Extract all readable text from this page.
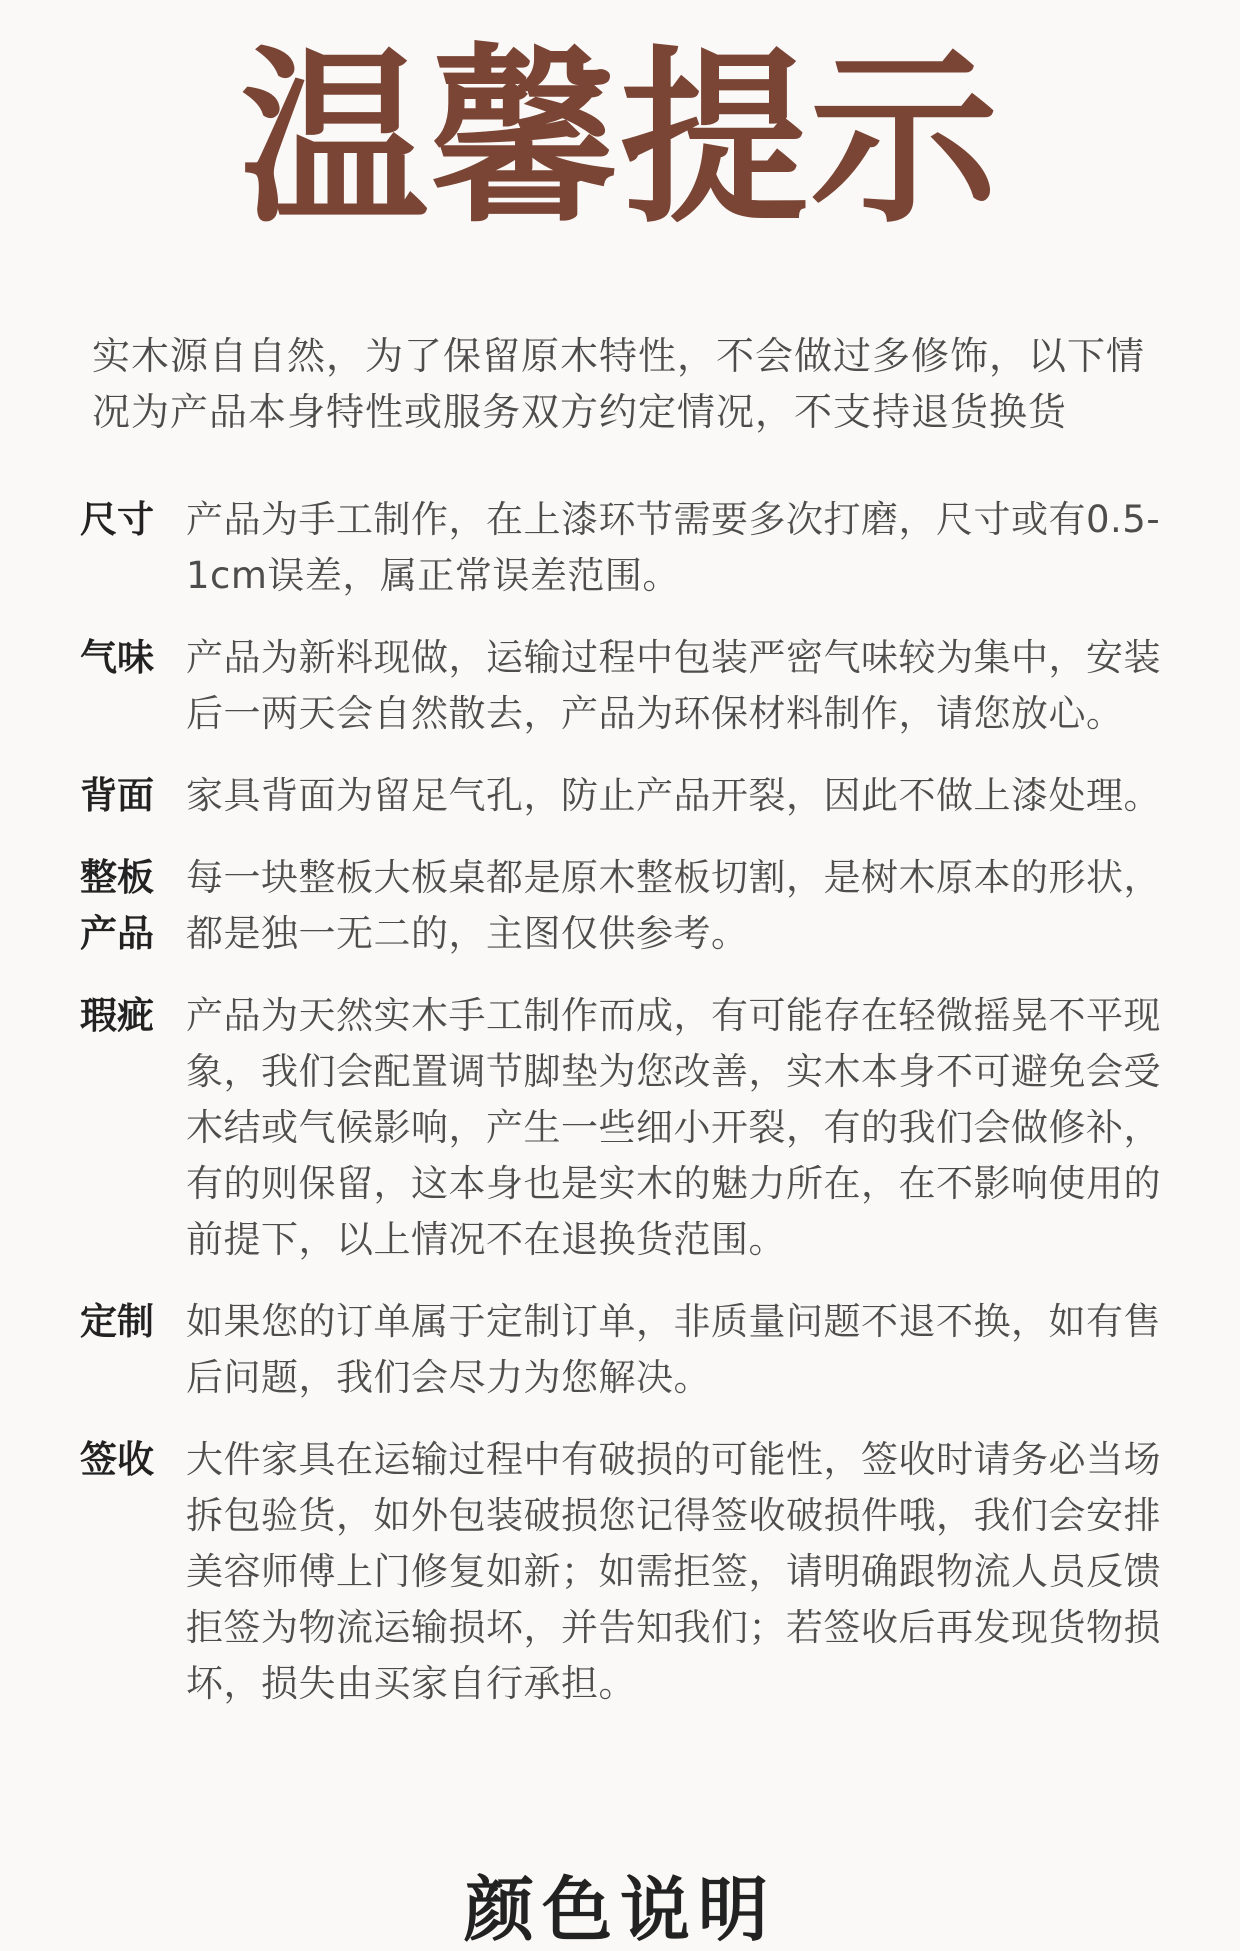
温馨提示
实木源自自然，为了保留原木特性，不会做过多修饰，以下情况为产品本身特性或服务双方约定情况，不支持退货换货
尺寸 产品为手工制作，在上漆环节需要多次打磨，尺寸或有0.5-1cm误差，属正常误差范围。
气味 产品为新料现做，运输过程中包装严密气味较为集中，安装后一两天会自然散去，产品为环保材料制作，请您放心。
背面 家具背面为留足气孔，防止产品开裂，因此不做上漆处理。
整板
产品
每一块整板大板桌都是原木整板切割，是树木原本的形状，都是独一无二的，主图仅供参考。
瑕疵 产品为天然实木手工制作而成，有可能存在轻微摇晃不平现象，我们会配置调节脚垫为您改善，实木本身不可避免会受木结或气候影响，产生一些细小开裂，有的我们会做修补，有的则保留，这本身也是实木的魅力所在，在不影响使用的前提下，以上情况不在退换货范围。
定制 如果您的订单属于定制订单，非质量问题不退不换，如有售后问题，我们会尽力为您解决。
签收 大件家具在运输过程中有破损的可能性，签收时请务必当场拆包验货，如外包装破损您记得签收破损件哦，我们会安排美容师傅上门修复如新；如需拒签，请明确跟物流人员反馈拒签为物流运输损坏，并告知我们；若签收后再发现货物损坏，损失由买家自行承担。
颜色说明
